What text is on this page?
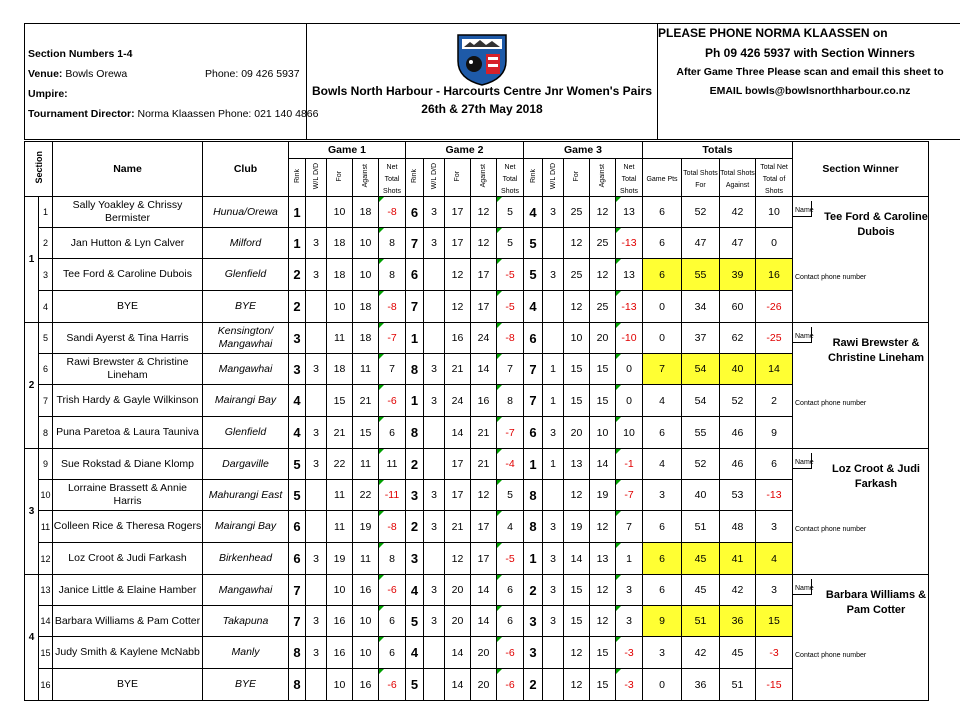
Section Numbers 1-4
Venue: Bowls Orewa	Phone: 09 426 5937
Umpire:
Tournament Director: Norma Klaassen Phone: 021 140 4866
Bowls North Harbour - Harcourts Centre Jnr Women's Pairs
26th & 27th May 2018
PLEASE PHONE NORMA KLAASSEN on
Ph 09 426 5937 with Section Winners
After Game Three Please scan and email this sheet to
EMAIL bowls@bowlsnorthharbour.co.nz
Section		Name	Club	Game 1					Game 2					Game 3					Totals				Section Winner
				Rink	W/L D/D	For	Against	Net Total Shots	Rink	W/L D/D	For	Against	Net Total Shots	Rink	W/L D/D	For	Against	Net Total Shots	Game Pts	Total Shots For	Total Shots Against	Total Net Total of Shots	
1	1	Sally Yoakley & Chrissy Bermister	Hunua/Orewa	1		10	18	-8	6	3	17	12	5	4	3	25	12	13	6	52	42	10	Name
Tee Ford & Caroline Dubois
Contact phone number

	2	Jan Hutton & Lyn Calver	Milford	1	3	18	10	8	7	3	17	12	5	5		12	25	-13	6	47	47	0	
	3	Tee Ford & Caroline Dubois	Glenfield	2	3	18	10	8	6		12	17	-5	5	3	25	12	13	6	55	39	16	
	4	BYE	BYE	2		10	18	-8	7		12	17	-5	4		12	25	-13	0	34	60	-26	
2	5	Sandi Ayerst & Tina Harris	Kensington/ Mangawhai	3		11	18	-7	1		16	24	-8	6		10	20	-10	0	37	62	-25	Name
Rawi Brewster & Christine Lineham
Contact phone number

	6	Rawi Brewster & Christine Lineham	Mangawhai	3	3	18	11	7	8	3	21	14	7	7	1	15	15	0	7	54	40	14	
	7	Trish Hardy & Gayle Wilkinson	Mairangi Bay	4		15	21	-6	1	3	24	16	8	7	1	15	15	0	4	54	52	2	
	8	Puna Paretoa & Laura Tauniva	Glenfield	4	3	21	15	6	8		14	21	-7	6	3	20	10	10	6	55	46	9	
3	9	Sue Rokstad & Diane Klomp	Dargaville	5	3	22	11	11	2		17	21	-4	1	1	13	14	-1	4	52	46	6	Name
Loz Croot & Judi Farkash
Contact phone number

	10	Lorraine Brassett & Annie Harris	Mahurangi East	5		11	22	-11	3	3	17	12	5	8		12	19	-7	3	40	53	-13	
	11	Colleen Rice & Theresa Rogers	Mairangi Bay	6		11	19	-8	2	3	21	17	4	8	3	19	12	7	6	51	48	3	
	12	Loz Croot & Judi Farkash	Birkenhead	6	3	19	11	8	3		12	17	-5	1	3	14	13	1	6	45	41	4	
4	13	Janice Little & Elaine Hamber	Mangawhai	7		10	16	-6	4	3	20	14	6	2	3	15	12	3	6	45	42	3	Name
Barbara Williams & Pam Cotter
Contact phone number

	14	Barbara Williams & Pam Cotter	Takapuna	7	3	16	10	6	5	3	20	14	6	3	3	15	12	3	9	51	36	15	
	15	Judy Smith & Kaylene McNabb	Manly	8	3	16	10	6	4		14	20	-6	3		12	15	-3	3	42	45	-3	
	16	BYE	BYE	8		10	16	-6	5		14	20	-6	2		12	15	-3	0	36	51	-15	
